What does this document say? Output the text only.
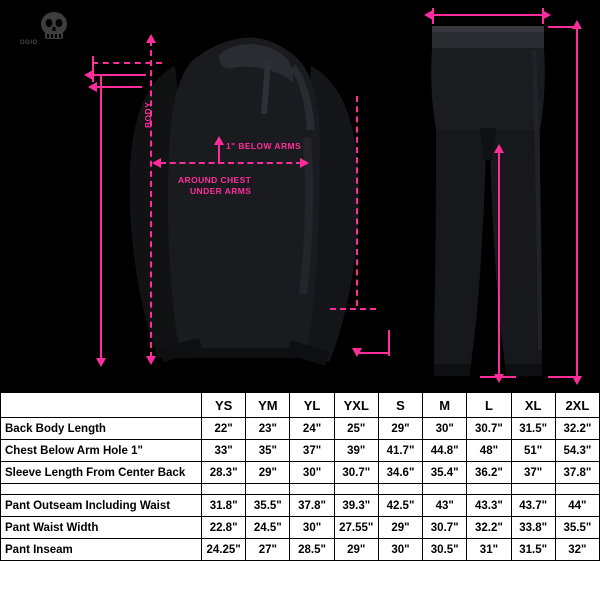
OGIO
BODY
1" BELOW ARMS
AROUND CHEST
UNDER ARMS
	YS	YM	YL	YXL	S	M	L	XL	2XL
Back Body Length	22"	23"	24"	25"	29"	30"	30.7"	31.5"	32.2"
Chest Below Arm Hole 1"	33"	35"	37"	39"	41.7"	44.8"	48"	51"	54.3"
Sleeve Length From Center Back	28.3"	29"	30"	30.7"	34.6"	35.4"	36.2"	37"	37.8"

Pant Outseam Including Waist	31.8"	35.5"	37.8"	39.3"	42.5"	43"	43.3"	43.7"	44"
Pant Waist Width	22.8"	24.5"	30"	27.55"	29"	30.7"	32.2"	33.8"	35.5"
Pant Inseam	24.25"	27"	28.5"	29"	30"	30.5"	31"	31.5"	32"
